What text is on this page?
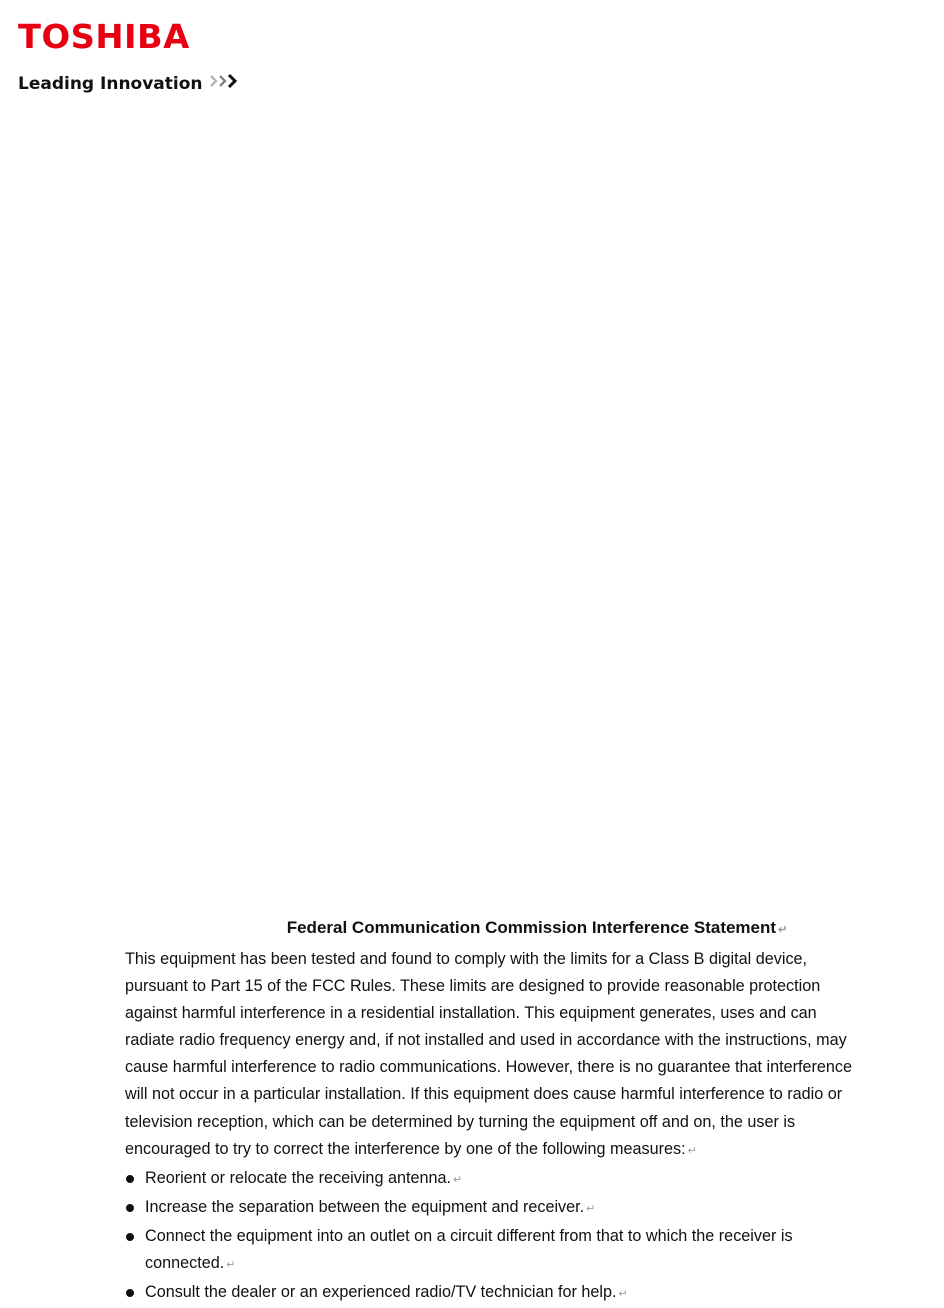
TOSHIBA
Leading Innovation
Federal Communication Commission Interference Statement ↵
This equipment has been tested and found to comply with the limits for a Class B digital device,
pursuant to Part 15 of the FCC Rules. These limits are designed to provide reasonable protection
against harmful interference in a residential installation. This equipment generates, uses and can
radiate radio frequency energy and, if not installed and used in accordance with the instructions, may
cause harmful interference to radio communications. However, there is no guarantee that interference
will not occur in a particular installation. If this equipment does cause harmful interference to radio or
television reception, which can be determined by turning the equipment off and on, the user is
encouraged to try to correct the interference by one of the following measures: ↵
Reorient or relocate the receiving antenna. ↵
Increase the separation between the equipment and receiver. ↵
Connect the equipment into an outlet on a circuit different from that to which the receiver is
connected. ↵
Consult the dealer or an experienced radio/TV technician for help. ↵
